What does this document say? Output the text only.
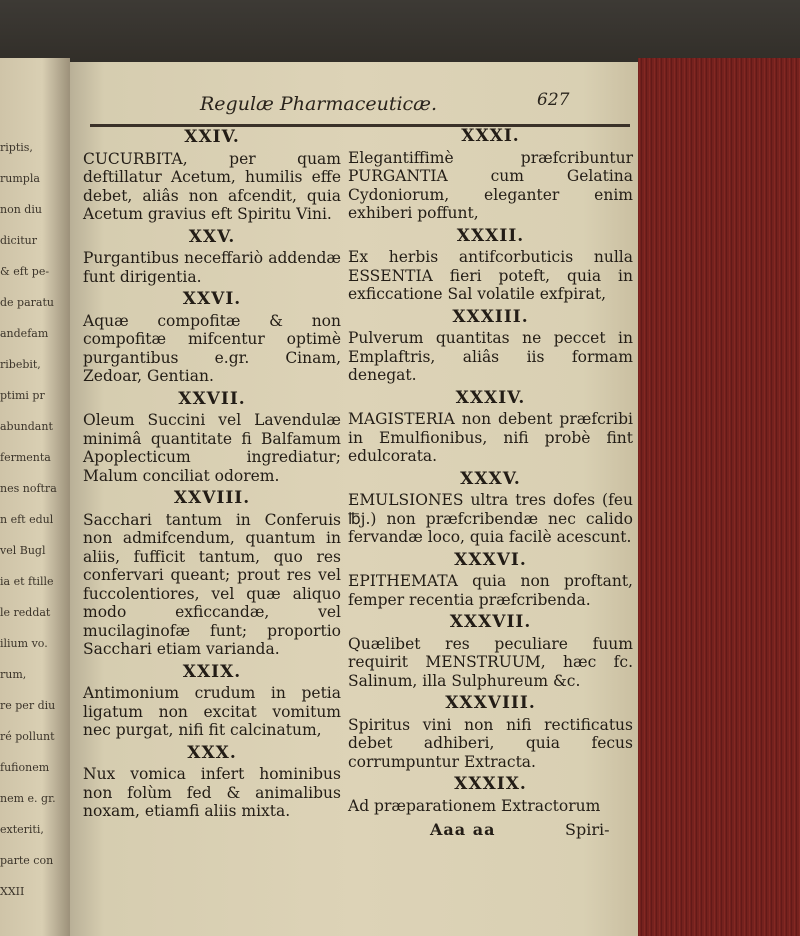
riptis,
rumpla
non diu
dicitur
& eft pe-
de paratu
andefam
ribebit,
ptimi pr
abundant
fermenta
nes noftra
n eft edul
vel Bugl
ia et ftille
le reddat
ilium vo.
rum,
re per diu
ré pollunt
fufionem
nem e. gr.
exteriti,
parte con
XXII
Regulæ Pharmaceuticæ.	627
XXIV.
CUCURBITA, per quam deftillatur Acetum, humilis effe debet, aliâs non afcendit, quia Acetum gravius eft Spiritu Vini.
XXV.
Purgantibus neceffariò addendæ funt dirigentia.
XXVI.
Aquæ compofitæ & non compofitæ mifcentur optimè purgantibus e.gr. Cinam, Zedoar, Gentian.
XXVII.
Oleum Succini vel Lavendulæ minimâ quantitate fi Balfamum Apoplecticum ingrediatur; Malum conciliat odorem.
XXVIII.
Sacchari tantum in Conferuis non admifcendum, quantum in aliis, fufficit tantum, quo res confervari queant; prout res vel fuccolentiores, vel quæ aliquo modo exficcandæ, vel mucilaginofæ funt; proportio Sacchari etiam varianda.
XXIX.
Antimonium crudum in petia ligatum non excitat vomitum nec purgat, nifi fit calcinatum,
XXX.
Nux vomica infert hominibus non folùm fed & animalibus noxam, etiamfi aliis mixta.
XXXI.
Elegantiffimè præfcribuntur PURGANTIA cum Gelatina Cydoniorum, eleganter enim exhiberi poffunt,
XXXII.
Ex herbis antifcorbuticis nulla ESSENTIA fieri poteft, quia in exficcatione Sal volatile exfpirat,
XXXIII.
Pulverum quantitas ne peccet in Emplaftris, aliâs iis formam denegat.
XXXIV.
MAGISTERIA non debent præfcribi in Emulfionibus, nifi probè fint edulcorata.
XXXV.
EMULSIONES ultra tres dofes (feu ℔j.) non præfcribendæ nec calido fervandæ loco, quia facilè acescunt.
XXXVI.
EPITHEMATA quia non proftant, femper recentia præfcribenda.
XXXVII.
Quælibet res peculiare fuum requirit MENSTRUUM, hæc fc. Salinum, illa Sulphureum &c.
XXXVIII.
Spiritus vini non nifi rectificatus debet adhiberi, quia fecus corrumpuntur Extracta.
XXXIX.
Ad præparationem Extractorum
Aaa aa	Spiri-
